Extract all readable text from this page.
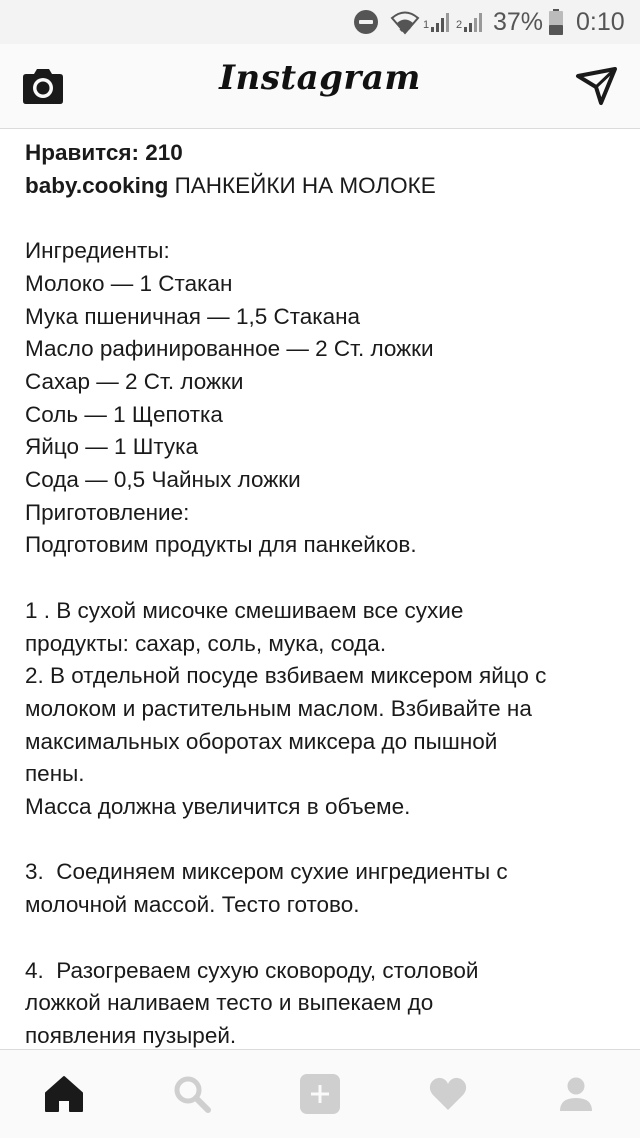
1 2 37% 0:10
Instagram
Нравится: 210
baby.cooking ПАНКЕЙКИ НА МОЛОКЕ
Ингредиенты:
Молоко — 1 Стакан
Мука пшеничная — 1,5 Стакана
Масло рафинированное — 2 Ст. ложки
Сахар — 2 Ст. ложки
Соль — 1 Щепотка
Яйцо — 1 Штука
Сода — 0,5 Чайных ложки
Приготовление:
Подготовим продукты для панкейков.
1 . В сухой мисочке смешиваем все сухие
продукты: сахар, соль, мука, сода.
2. В отдельной посуде взбиваем миксером яйцо с
молоком и растительным маслом. Взбивайте на
максимальных оборотах миксера до пышной
пены.
Масса должна увеличится в объеме.
3.  Соединяем миксером сухие ингредиенты с
молочной массой. Тесто готово.
4.  Разогреваем сухую сковороду, столовой
ложкой наливаем тесто и выпекаем до
появления пузырей.
